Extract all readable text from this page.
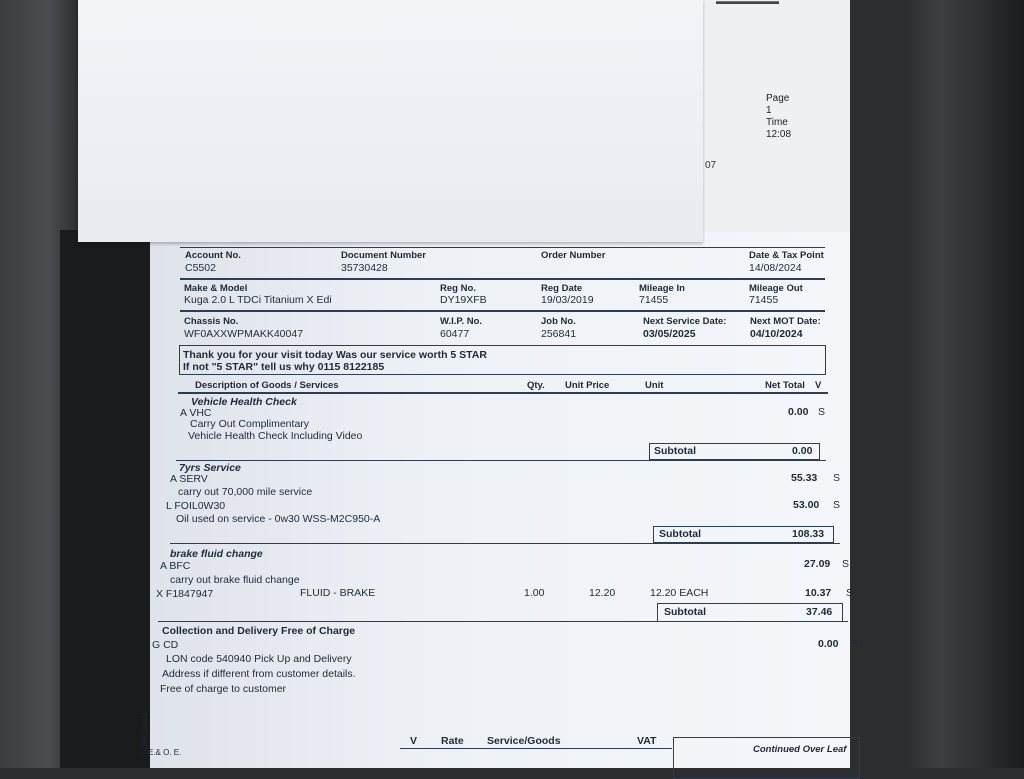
▬▬▬▬▬▬▬
Page
1
Time
12:08
07
Account No.
C5502
Document Number
35730428
Order Number	Date & Tax Point
14/08/2024
Make & Model
Kuga 2.0 L TDCi Titanium X Edi
Reg No.
DY19XFB
Reg Date
19/03/2019
Mileage In
71455
Mileage Out
71455
Chassis No.
WF0AXXWPMAKK40047
W.I.P. No.
60477
Job No.
256841
Next Service Date:
03/05/2025
Next MOT Date:
04/10/2024
Thank you for your visit today Was our service worth 5 STAR
If not "5 STAR" tell us why 0115 8122185
Description of Goods / Services	Qty. Unit Price	Unit	Net Total V
Vehicle Health Check
A VHC	0.00 S
Carry Out Complimentary
Vehicle Health Check Including Video
Subtotal	0.00
7yrs Service
A SERV	55.33 S
carry out 70,000 mile service
L FOIL0W30	53.00 S
Oil used on service - 0w30 WSS-M2C950-A
Subtotal	108.33
brake fluid change
A BFC	27.09 S
carry out brake fluid change
X F1847947	FLUID - BRAKE	1.00	12.20	12.20 EACH	10.37 S
Subtotal	37.46
Collection and Delivery Free of Charge
G CD	0.00 S
LON code 540940 Pick Up and Delivery
Address if different from customer details.
Free of charge to customer
© CDK Global E.& O. E.
V Rate Service/Goods	VAT
Continued Over Leaf
